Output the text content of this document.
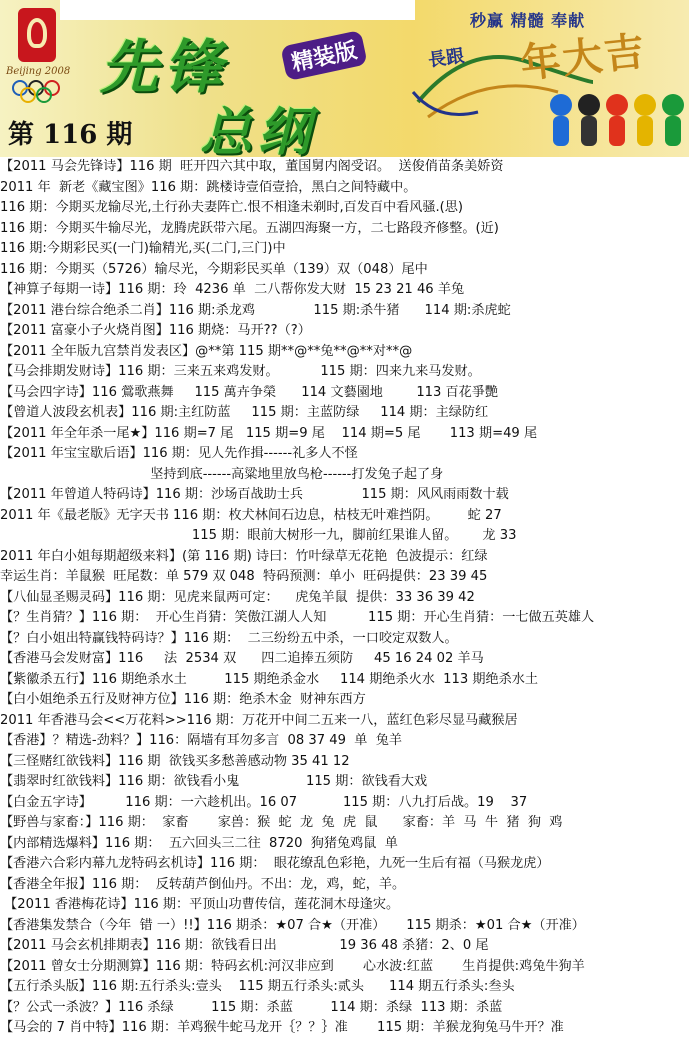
Beijing 2008 先锋
总纲
精装版
秒赢 精髓 奉献
長跟 年大吉
第 116 期
【2011 马会先锋诗】116 期  旺开四六其中取，董国舅内阁受诏。  送俊俏苗条美娇资
2011 年  新老《藏宝图》116 期：跳楼诗壹佰壹拾，黑白之间特藏中。
116 期：今期买龙输尽光,土行孙夫妻阵亡.恨不相逢未剃时,百发百中看风骚.(思)
116 期：今期买牛输尽光，龙腾虎跃带六尾。五湖四海聚一方，二七路段齐修整。(近)
116 期:今期彩民买(一门)输精光,买(二门,三门)中
116 期：今期买（5726）输尽光，今期彩民买单（139）双（048）尾中
【神算子每期一诗】116 期：玲  4236 单  二八帮你发大财  15 23 21 46 羊兔
【2011 港台综合绝杀二肖】116 期:杀龙鸡              115 期:杀牛猪      114 期:杀虎蛇
【2011 富豪小子火烧肖图】116 期烧：马开??（?）
【2011 全年版九宫禁肖发表区】@**第 115 期**@**兔**@**对**@
【马会排期发财诗】116 期：三来五来鸡发财。          115 期：四来九来马发财。
【马会四字诗】116 鶯歌燕舞     115 萬卉争榮      114 文藝園地        113 百花爭艷
【曾道人波段玄机表】116 期:主红防蓝     115 期：主蓝防绿     114 期：主绿防红
【2011 年全年杀一尾★】116 期=7 尾   115 期=9 尾    114 期=5 尾       113 期=49 尾
【2011 年宝宝歇后语】116 期：见人先作揖------礼多人不怪
坚持到底------高粱地里放鸟枪------打发兔子起了身
【2011 年曾道人特码诗】116 期：沙场百战助士兵              115 期：风风雨雨数十载
2011 年《最老版》无字天书 116 期：枚犬林间石边息，枯枝无叶难挡阴。       蛇 27
115 期：眼前大树形一九，脚前红果谁人留。      龙 33
2011 年白小姐每期超级来料】(第 116 期) 诗曰：竹叶绿草无花艳  色波提示：红绿
幸运生肖：羊鼠猴  旺尾数：单 579 双 048  特码预测：单小  旺码提供：23 39 45
【八仙显圣赐灵码】116 期：见虎来鼠两可定：    虎兔羊鼠  提供：33 36 39 42
【？生肖猜？】116 期：  开心生肖猜：笑傲江湖人人知          115 期：开心生肖猜：一七做五英雄人
【？白小姐出特赢钱特码诗？】116 期：  二三纷纷五中杀，一口咬定双数人。
【香港马会发财富】116     法  2534 双      四二追捧五须防     45 16 24 02 羊马
【紫徽杀五行】116 期绝杀水土         115 期绝杀金水     114 期绝杀火水  113 期绝杀水土
【白小姐绝杀五行及财神方位】116 期：绝杀木金  财神东西方
2011 年香港马会<<万花料>>116 期：万花开中间二五来一八，蓝红色彩尽显马藏猴居
【香港】？精选-劲料？】116：隔墙有耳勿多言  08 37 49  单  兔羊
【三怪赌红欲钱料】116 期  欲钱买多愁善感动物 35 41 12
【翡翠时红欲钱料】116 期：欲钱看小鬼                115 期：欲钱看大戏
【白金五字诗】        116 期：一六趁机出。16 07           115 期：八九打后战。19    37
【野兽与家畜：】116 期：  家畜       家兽：猴  蛇  龙  兔  虎  鼠      家畜：羊  马  牛  猪  狗  鸡
【内部精选爆料】116 期：  五六回头三二往  8720  狗猪兔鸡鼠  单
【香港六合彩内幕九龙特码玄机诗】116 期：  眼花缭乱色彩艳，九死一生后有福（马猴龙虎）
【香港全年报】116 期：  反转葫芦倒仙丹。不出：龙，鸡，蛇，羊。
【2011 香港梅花诗】116 期：平顶山功曹传信，莲花洞木母逢灾。
【香港集发禁合（今年  错 一）!!】116 期杀：★07 合★（开准）     115 期杀：★01 合★（开准）
【2011 马会玄机排期表】116 期：欲钱看日出               19 36 48 杀猪：2、0 尾
【2011 曾女士分期测算】116 期：特码玄机:河汉非应到       心水波:红蓝       生肖提供:鸡兔牛狗羊
【五行杀头版】116 期:五行杀头:壹头    115 期五行杀头:贰头      114 期五行杀头:叁头
【？公式一杀波？】116 杀绿         115 期：杀蓝         114 期：杀绿  113 期：杀蓝
【马会的 7 肖中特】116 期：羊鸡猴牛蛇马龙开｛？？｝准       115 期：羊猴龙狗兔马牛开？准
